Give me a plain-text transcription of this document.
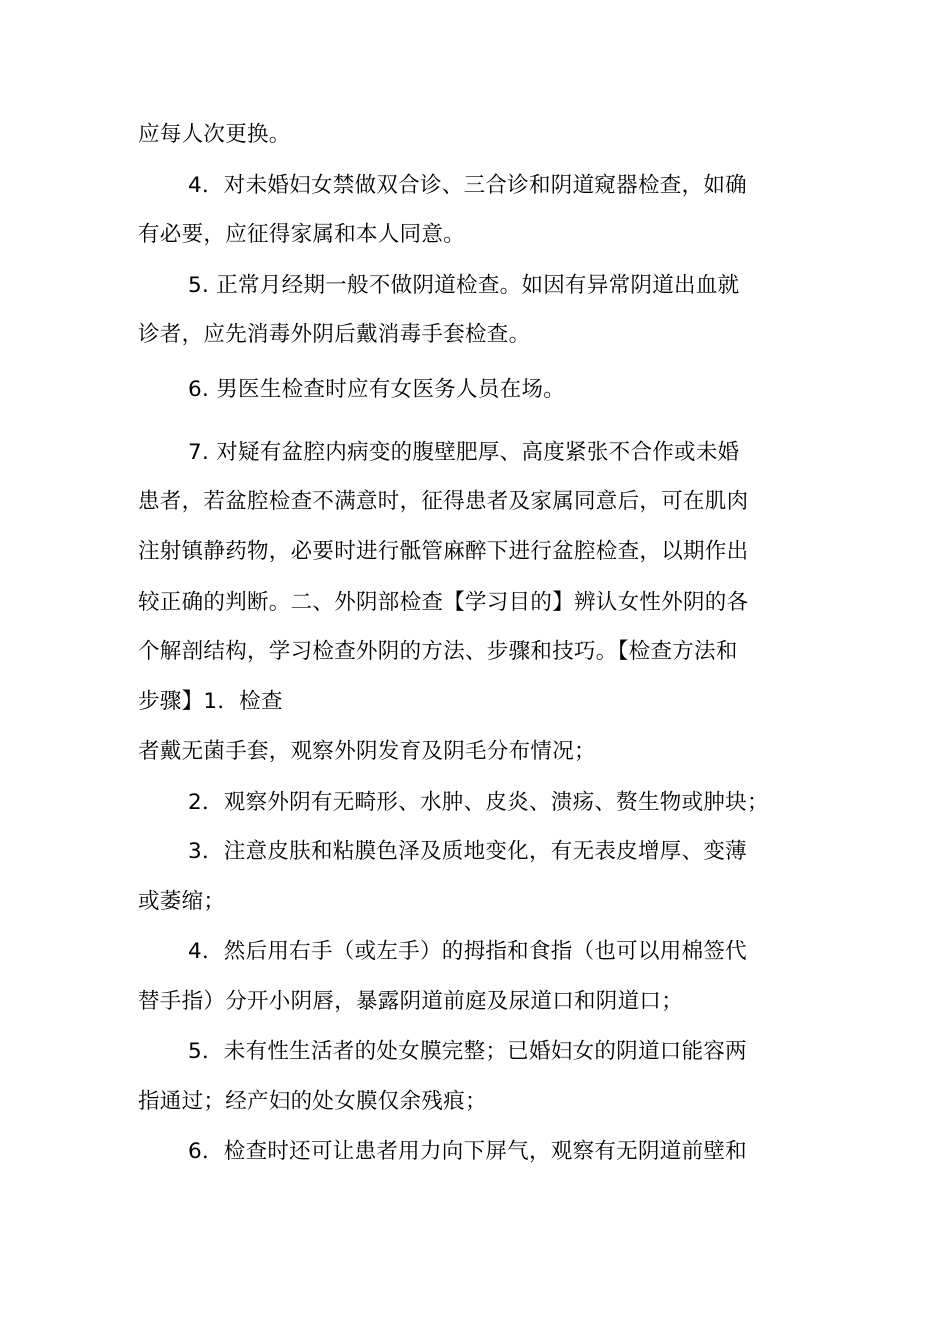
应每人次更换。
4．对未婚妇女禁做双合诊、三合诊和阴道窥器检查，如确
有必要，应征得家属和本人同意。
5. 正常月经期一般不做阴道检查。如因有异常阴道出血就
诊者，应先消毒外阴后戴消毒手套检查。
6. 男医生检查时应有女医务人员在场。
7. 对疑有盆腔内病变的腹壁肥厚、高度紧张不合作或未婚
患者，若盆腔检查不满意时，征得患者及家属同意后，可在肌肉
注射镇静药物，必要时进行骶管麻醉下进行盆腔检查，以期作出
较正确的判断。二、外阴部检查【学习目的】辨认女性外阴的各
个解剖结构，学习检查外阴的方法、步骤和技巧。【检查方法和
步骤】1．检查
者戴无菌手套，观察外阴发育及阴毛分布情况；
2．观察外阴有无畸形、水肿、皮炎、溃疡、赘生物或肿块；
3．注意皮肤和粘膜色泽及质地变化，有无表皮增厚、变薄
或萎缩；
4．然后用右手（或左手）的拇指和食指（也可以用棉签代
替手指）分开小阴唇，暴露阴道前庭及尿道口和阴道口；
5．未有性生活者的处女膜完整；已婚妇女的阴道口能容两
指通过；经产妇的处女膜仅余残痕；
6．检查时还可让患者用力向下屏气，观察有无阴道前壁和
